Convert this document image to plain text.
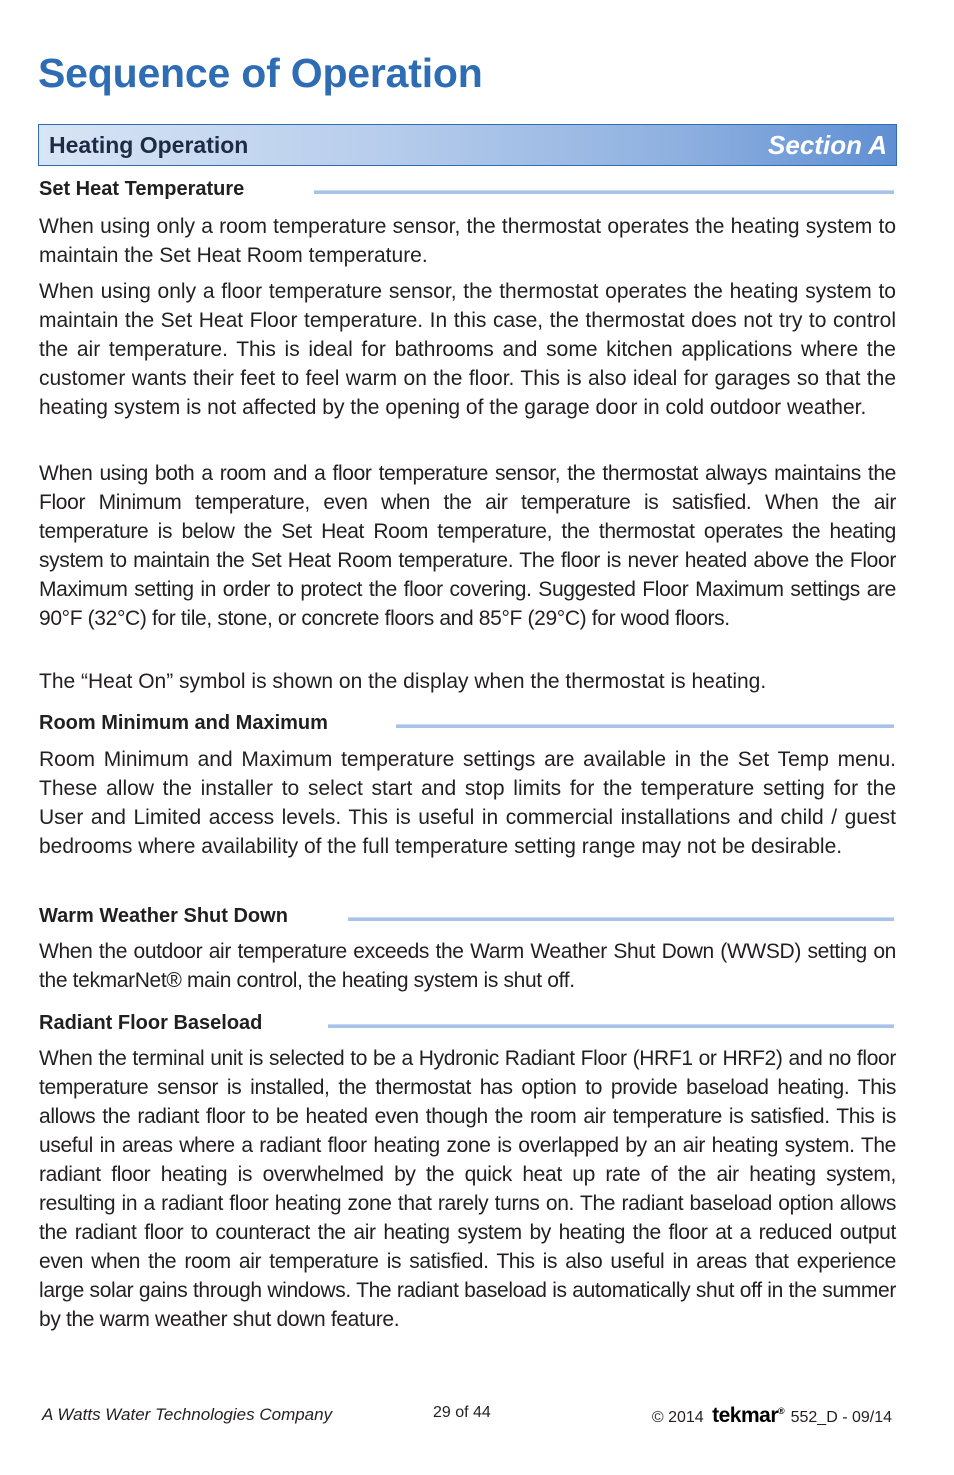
Sequence of Operation
Heating Operation	Section A
Set Heat Temperature

When using only a room temperature sensor, the thermostat operates the heating system to maintain the Set Heat Room temperature.

When using only a floor temperature sensor, the thermostat operates the heating system to maintain the Set Heat Floor temperature. In this case, the thermostat does not try to control the air temperature. This is ideal for bathrooms and some kitchen applications where the customer wants their feet to feel warm on the floor. This is also ideal for garages so that the heating system is not affected by the opening of the garage door in cold outdoor weather.

When using both a room and a floor temperature sensor, the thermostat always maintains the Floor Minimum temperature, even when the air temperature is satisfied. When the air temperature is below the Set Heat Room temperature, the thermostat operates the heating system to maintain the Set Heat Room temperature. The floor is never heated above the Floor Maximum setting in order to protect the floor covering. Suggested Floor Maximum settings are 90°F (32°C) for tile, stone, or concrete floors and 85°F (29°C) for wood floors.

The “Heat On” symbol is shown on the display when the thermostat is heating.

Room Minimum and Maximum

Room Minimum and Maximum temperature settings are available in the Set Temp menu. These allow the installer to select start and stop limits for the temperature setting for the User and Limited access levels. This is useful in commercial installations and child / guest bedrooms where availability of the full temperature setting range may not be desirable.

Warm Weather Shut Down

When the outdoor air temperature exceeds the Warm Weather Shut Down (WWSD) setting on the tekmarNet® main control, the heating system is shut off.

Radiant Floor Baseload

When the terminal unit is selected to be a Hydronic Radiant Floor (HRF1 or HRF2) and no floor temperature sensor is installed, the thermostat has option to provide baseload heating. This allows the radiant floor to be heated even though the room air temperature is satisfied. This is useful in areas where a radiant floor heating zone is overlapped by an air heating system. The radiant floor heating is overwhelmed by the quick heat up rate of the air heating system, resulting in a radiant floor heating zone that rarely turns on. The radiant baseload option allows the radiant floor to counteract the air heating system by heating the floor at a reduced output even when the room air temperature is satisfied. This is also useful in areas that experience large solar gains through windows. The radiant baseload is automatically shut off in the summer by the warm weather shut down feature.

A Watts Water Technologies Company	29 of 44	© 2014 tekmar® 552_D - 09/14
